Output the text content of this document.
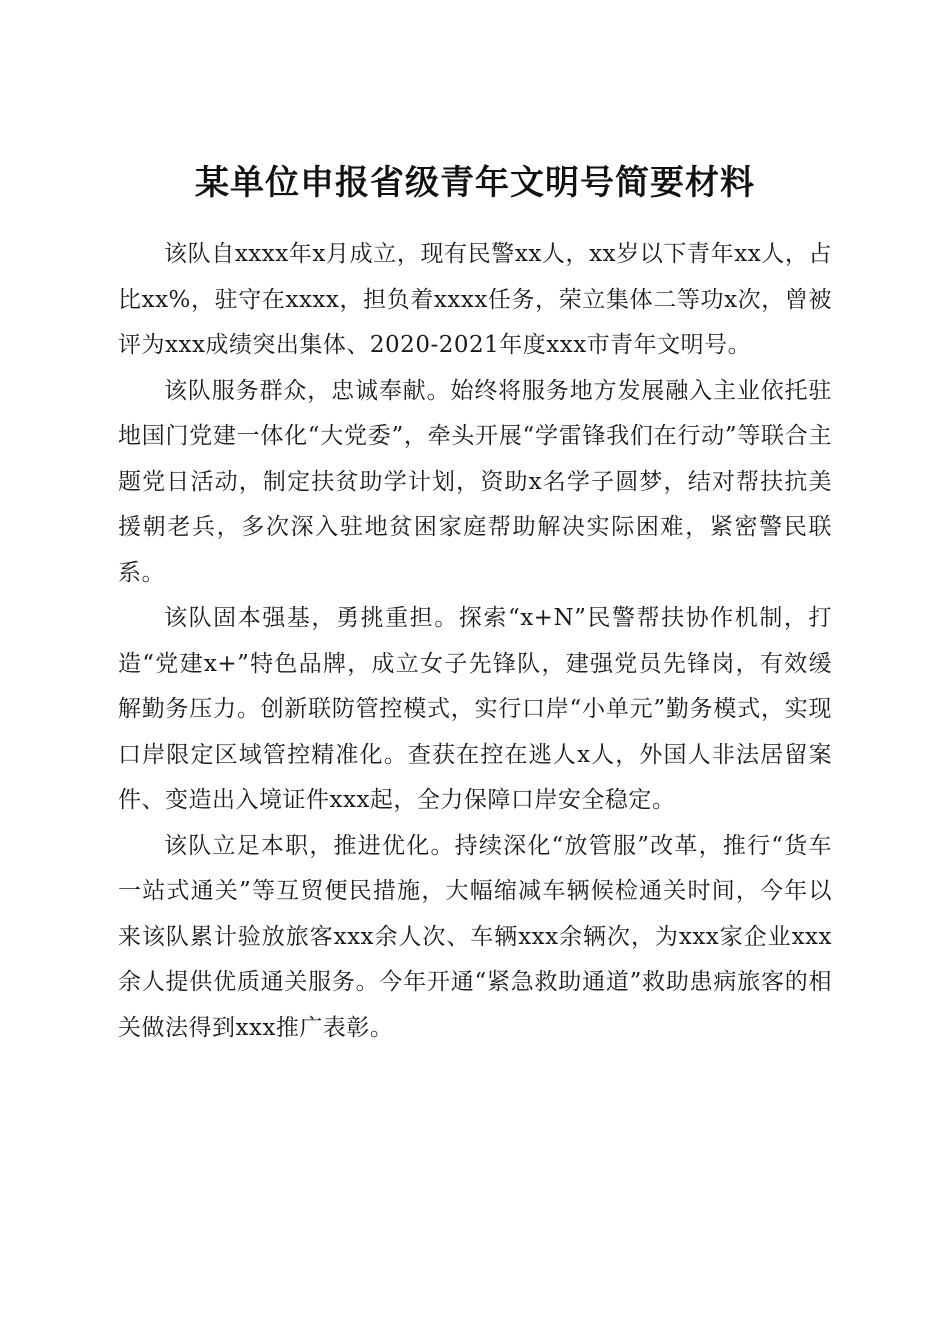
某单位申报省级青年文明号简要材料

该队自xxxx年x月成立，现有民警xx人，xx岁以下青年xx人，占比xx%，驻守在xxxx，担负着xxxx任务，荣立集体二等功x次，曾被评为xxx成绩突出集体、2020-2021年度xxx市青年文明号。

该队服务群众，忠诚奉献。始终将服务地方发展融入主业依托驻地国门党建一体化“大党委”，牵头开展“学雷锋我们在行动”等联合主题党日活动，制定扶贫助学计划，资助x名学子圆梦，结对帮扶抗美援朝老兵，多次深入驻地贫困家庭帮助解决实际困难，紧密警民联系。

该队固本强基，勇挑重担。探索“x+N”民警帮扶协作机制，打造“党建x+”特色品牌，成立女子先锋队，建强党员先锋岗，有效缓解勤务压力。创新联防管控模式，实行口岸“小单元”勤务模式，实现口岸限定区域管控精准化。查获在控在逃人x人，外国人非法居留案件、变造出入境证件xxx起，全力保障口岸安全稳定。

该队立足本职，推进优化。持续深化“放管服”改革，推行“货车一站式通关”等互贸便民措施，大幅缩减车辆候检通关时间，今年以来该队累计验放旅客xxx余人次、车辆xxx余辆次，为xxx家企业xxx余人提供优质通关服务。今年开通“紧急救助通道”救助患病旅客的相关做法得到xxx推广表彰。
